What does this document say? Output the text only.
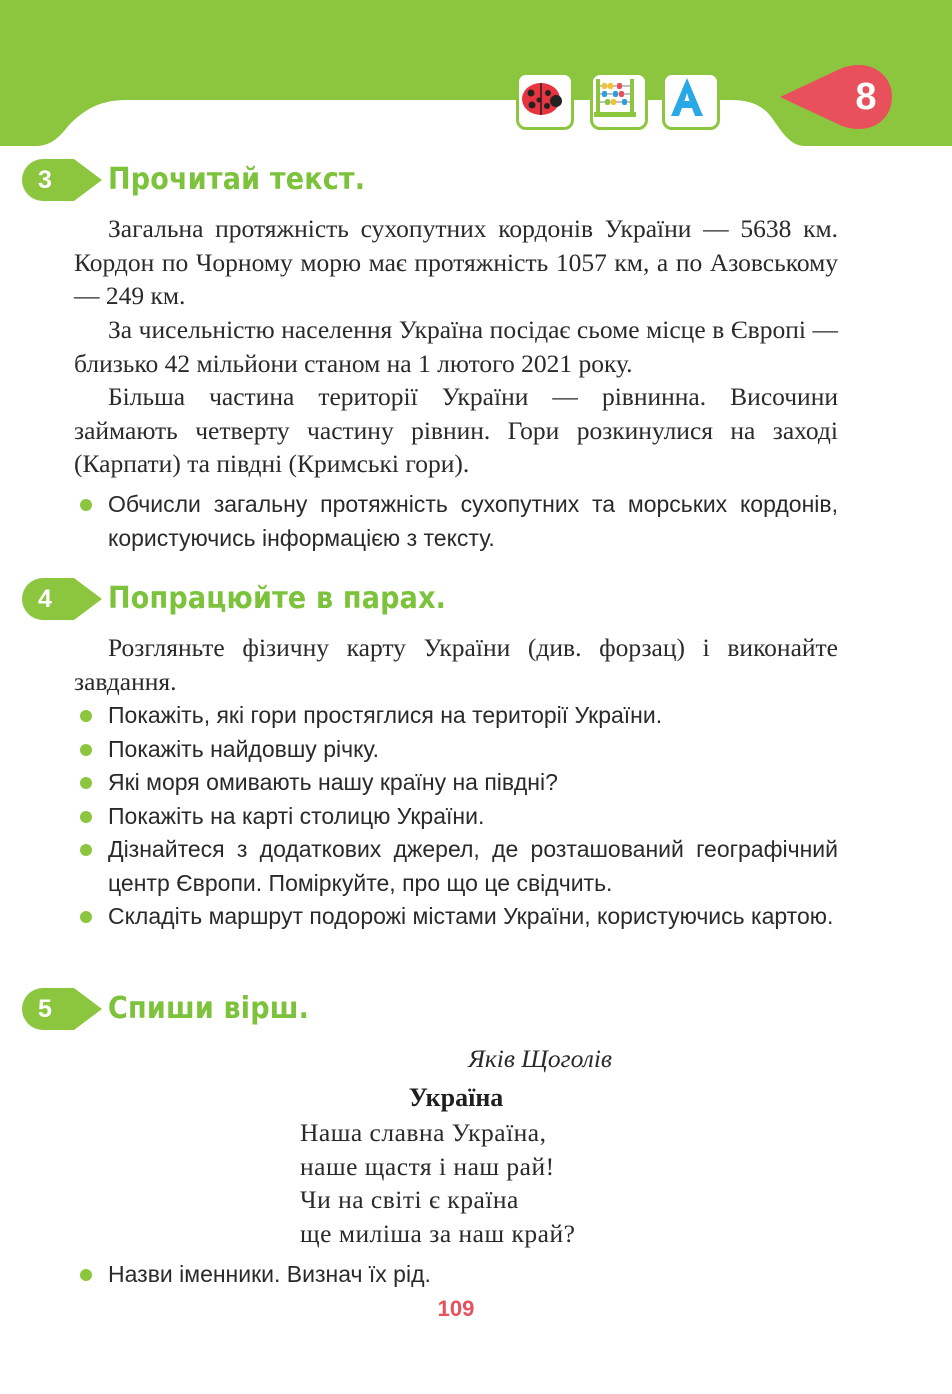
8
3 Прочитай текст.

Загальна протяжність сухопутних кордонів України — 5638 км. Кордон по Чорному морю має протяжність 1057 км, а по Азовському — 249 км.

За чисельністю населення Україна посідає сьоме місце в Європі — близько 42 мільйони станом на 1 лютого 2021 року.

Більша частина території України — рівнинна. Височини займають четверту частину рівнин. Гори розкинулися на заході (Карпати) та півдні (Кримські гори).

Обчисли загальну протяжність сухопутних та морських кордонів, користуючись інформацією з тексту.
4 Попрацюйте в парах.

Розгляньте фізичну карту України (див. форзац) і виконайте завдання.

Покажіть, які гори простяглися на території України.
Покажіть найдовшу річку.
Які моря омивають нашу країну на півдні?
Покажіть на карті столицю України.
Дізнайтеся з додаткових джерел, де розташований географічний центр Європи. Поміркуйте, про що це свідчить.
Складіть маршрут подорожі містами України, користуючись картою.
5 Спиши вірш.
Яків Щоголів
Україна
Наша славна Україна,
наше щастя і наш рай!
Чи на світі є країна
ще миліша за наш край?
Назви іменники. Визнач їх рід.
109
